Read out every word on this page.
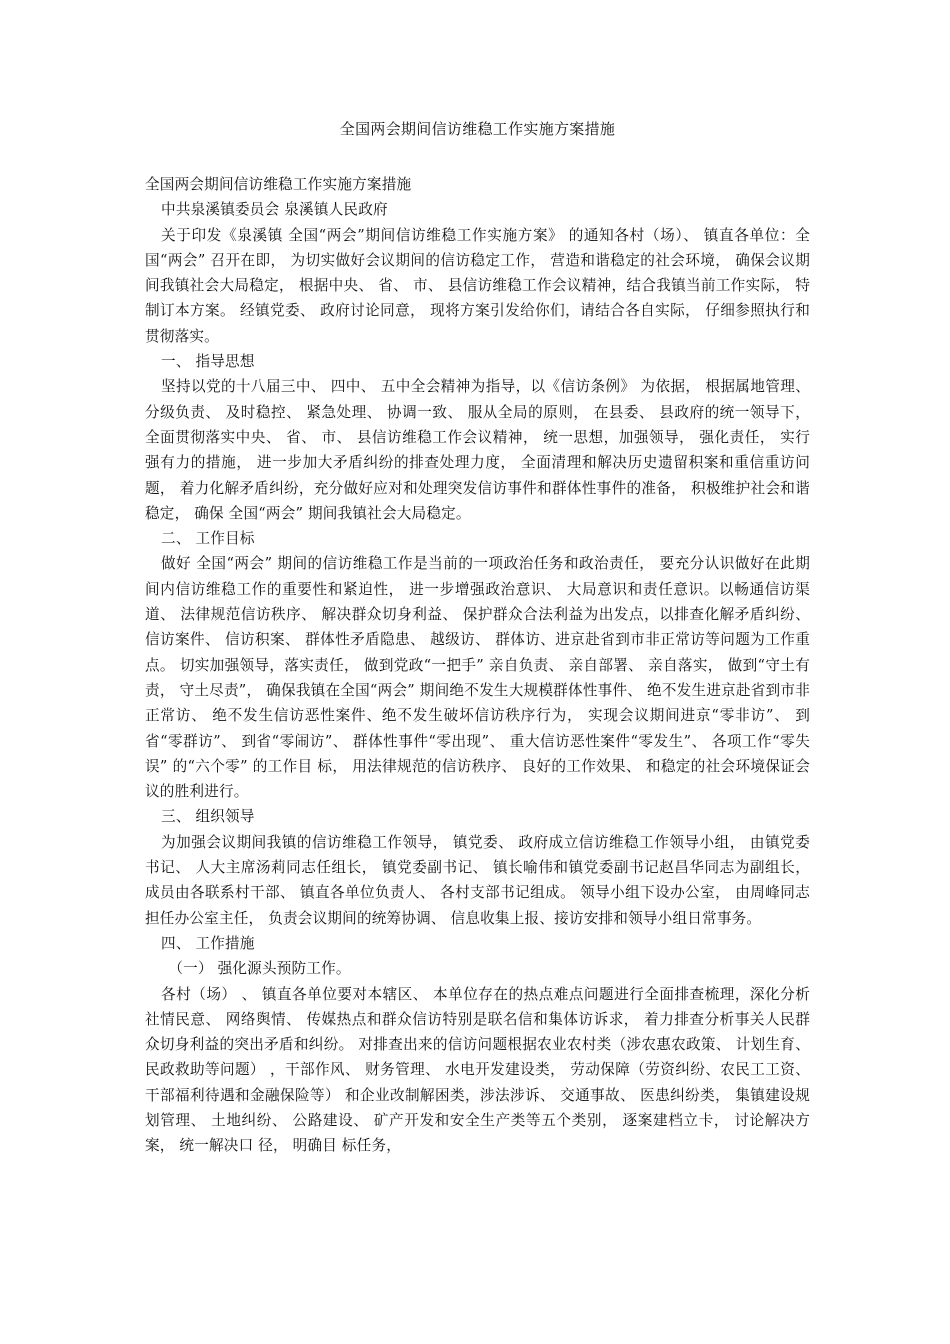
全国两会期间信访维稳工作实施方案措施

全国两会期间信访维稳工作实施方案措施

中共泉溪镇委员会 泉溪镇人民政府

关于印发《泉溪镇 全国“两会”期间信访维稳工作实施方案》 的通知各村（场）、 镇直各单位：全国“两会” 召开在即， 为切实做好会议期间的信访稳定工作， 营造和谐稳定的社会环境， 确保会议期间我镇社会大局稳定， 根据中央、 省、 市、 县信访维稳工作会议精神，结合我镇当前工作实际， 特制订本方案。 经镇党委、 政府讨论同意， 现将方案引发给你们，请结合各自实际， 仔细参照执行和贯彻落实。

一、 指导思想

坚持以党的十八届三中、 四中、 五中全会精神为指导，以《信访条例》 为依据， 根据属地管理、 分级负责、 及时稳控、 紧急处理、 协调一致、 服从全局的原则， 在县委、 县政府的统一领导下， 全面贯彻落实中央、 省、 市、 县信访维稳工作会议精神， 统一思想，加强领导， 强化责任， 实行强有力的措施， 进一步加大矛盾纠纷的排查处理力度， 全面清理和解决历史遗留积案和重信重访问题， 着力化解矛盾纠纷，充分做好应对和处理突发信访事件和群体性事件的准备， 积极维护社会和谐稳定， 确保 全国“两会” 期间我镇社会大局稳定。

二、 工作目标

做好 全国“两会” 期间的信访维稳工作是当前的一项政治任务和政治责任， 要充分认识做好在此期间内信访维稳工作的重要性和紧迫性， 进一步增强政治意识、 大局意识和责任意识。以畅通信访渠道、 法律规范信访秩序、 解决群众切身利益、 保护群众合法利益为出发点，以排查化解矛盾纠纷、信访案件、 信访积案、 群体性矛盾隐患、 越级访、 群体访、进京赴省到市非正常访等问题为工作重点。 切实加强领导，落实责任， 做到党政“一把手” 亲自负责、 亲自部署、 亲自落实， 做到“守土有责， 守土尽责”， 确保我镇在全国“两会” 期间绝不发生大规模群体性事件、 绝不发生进京赴省到市非正常访、 绝不发生信访恶性案件、绝不发生破坏信访秩序行为， 实现会议期间进京“零非访”、 到省“零群访”、 到省“零闹访”、 群体性事件“零出现”、 重大信访恶性案件“零发生”、 各项工作“零失误” 的“六个零” 的工作目 标， 用法律规范的信访秩序、 良好的工作效果、 和稳定的社会环境保证会议的胜利进行。

三、 组织领导

为加强会议期间我镇的信访维稳工作领导， 镇党委、 政府成立信访维稳工作领导小组， 由镇党委书记、 人大主席汤莉同志任组长， 镇党委副书记、 镇长喻伟和镇党委副书记赵昌华同志为副组长， 成员由各联系村干部、 镇直各单位负责人、 各村支部书记组成。 领导小组下设办公室， 由周峰同志担任办公室主任， 负责会议期间的统筹协调、 信息收集上报、接访安排和领导小组日常事务。

四、 工作措施

（一） 强化源头预防工作。

各村（场） 、 镇直各单位要对本辖区、 本单位存在的热点难点问题进行全面排查梳理，深化分析社情民意、 网络舆情、 传媒热点和群众信访特别是联名信和集体访诉求， 着力排查分析事关人民群众切身利益的突出矛盾和纠纷。 对排查出来的信访问题根据农业农村类（涉农惠农政策、 计划生育、 民政救助等问题） ，干部作风、 财务管理、 水电开发建设类， 劳动保障（劳资纠纷、农民工工资、 干部福利待遇和金融保险等） 和企业改制解困类，涉法涉诉、 交通事故、 医患纠纷类， 集镇建设规划管理、 土地纠纷、 公路建设、 矿产开发和安全生产类等五个类别， 逐案建档立卡， 讨论解决方案， 统一解决口 径， 明确目 标任务，
